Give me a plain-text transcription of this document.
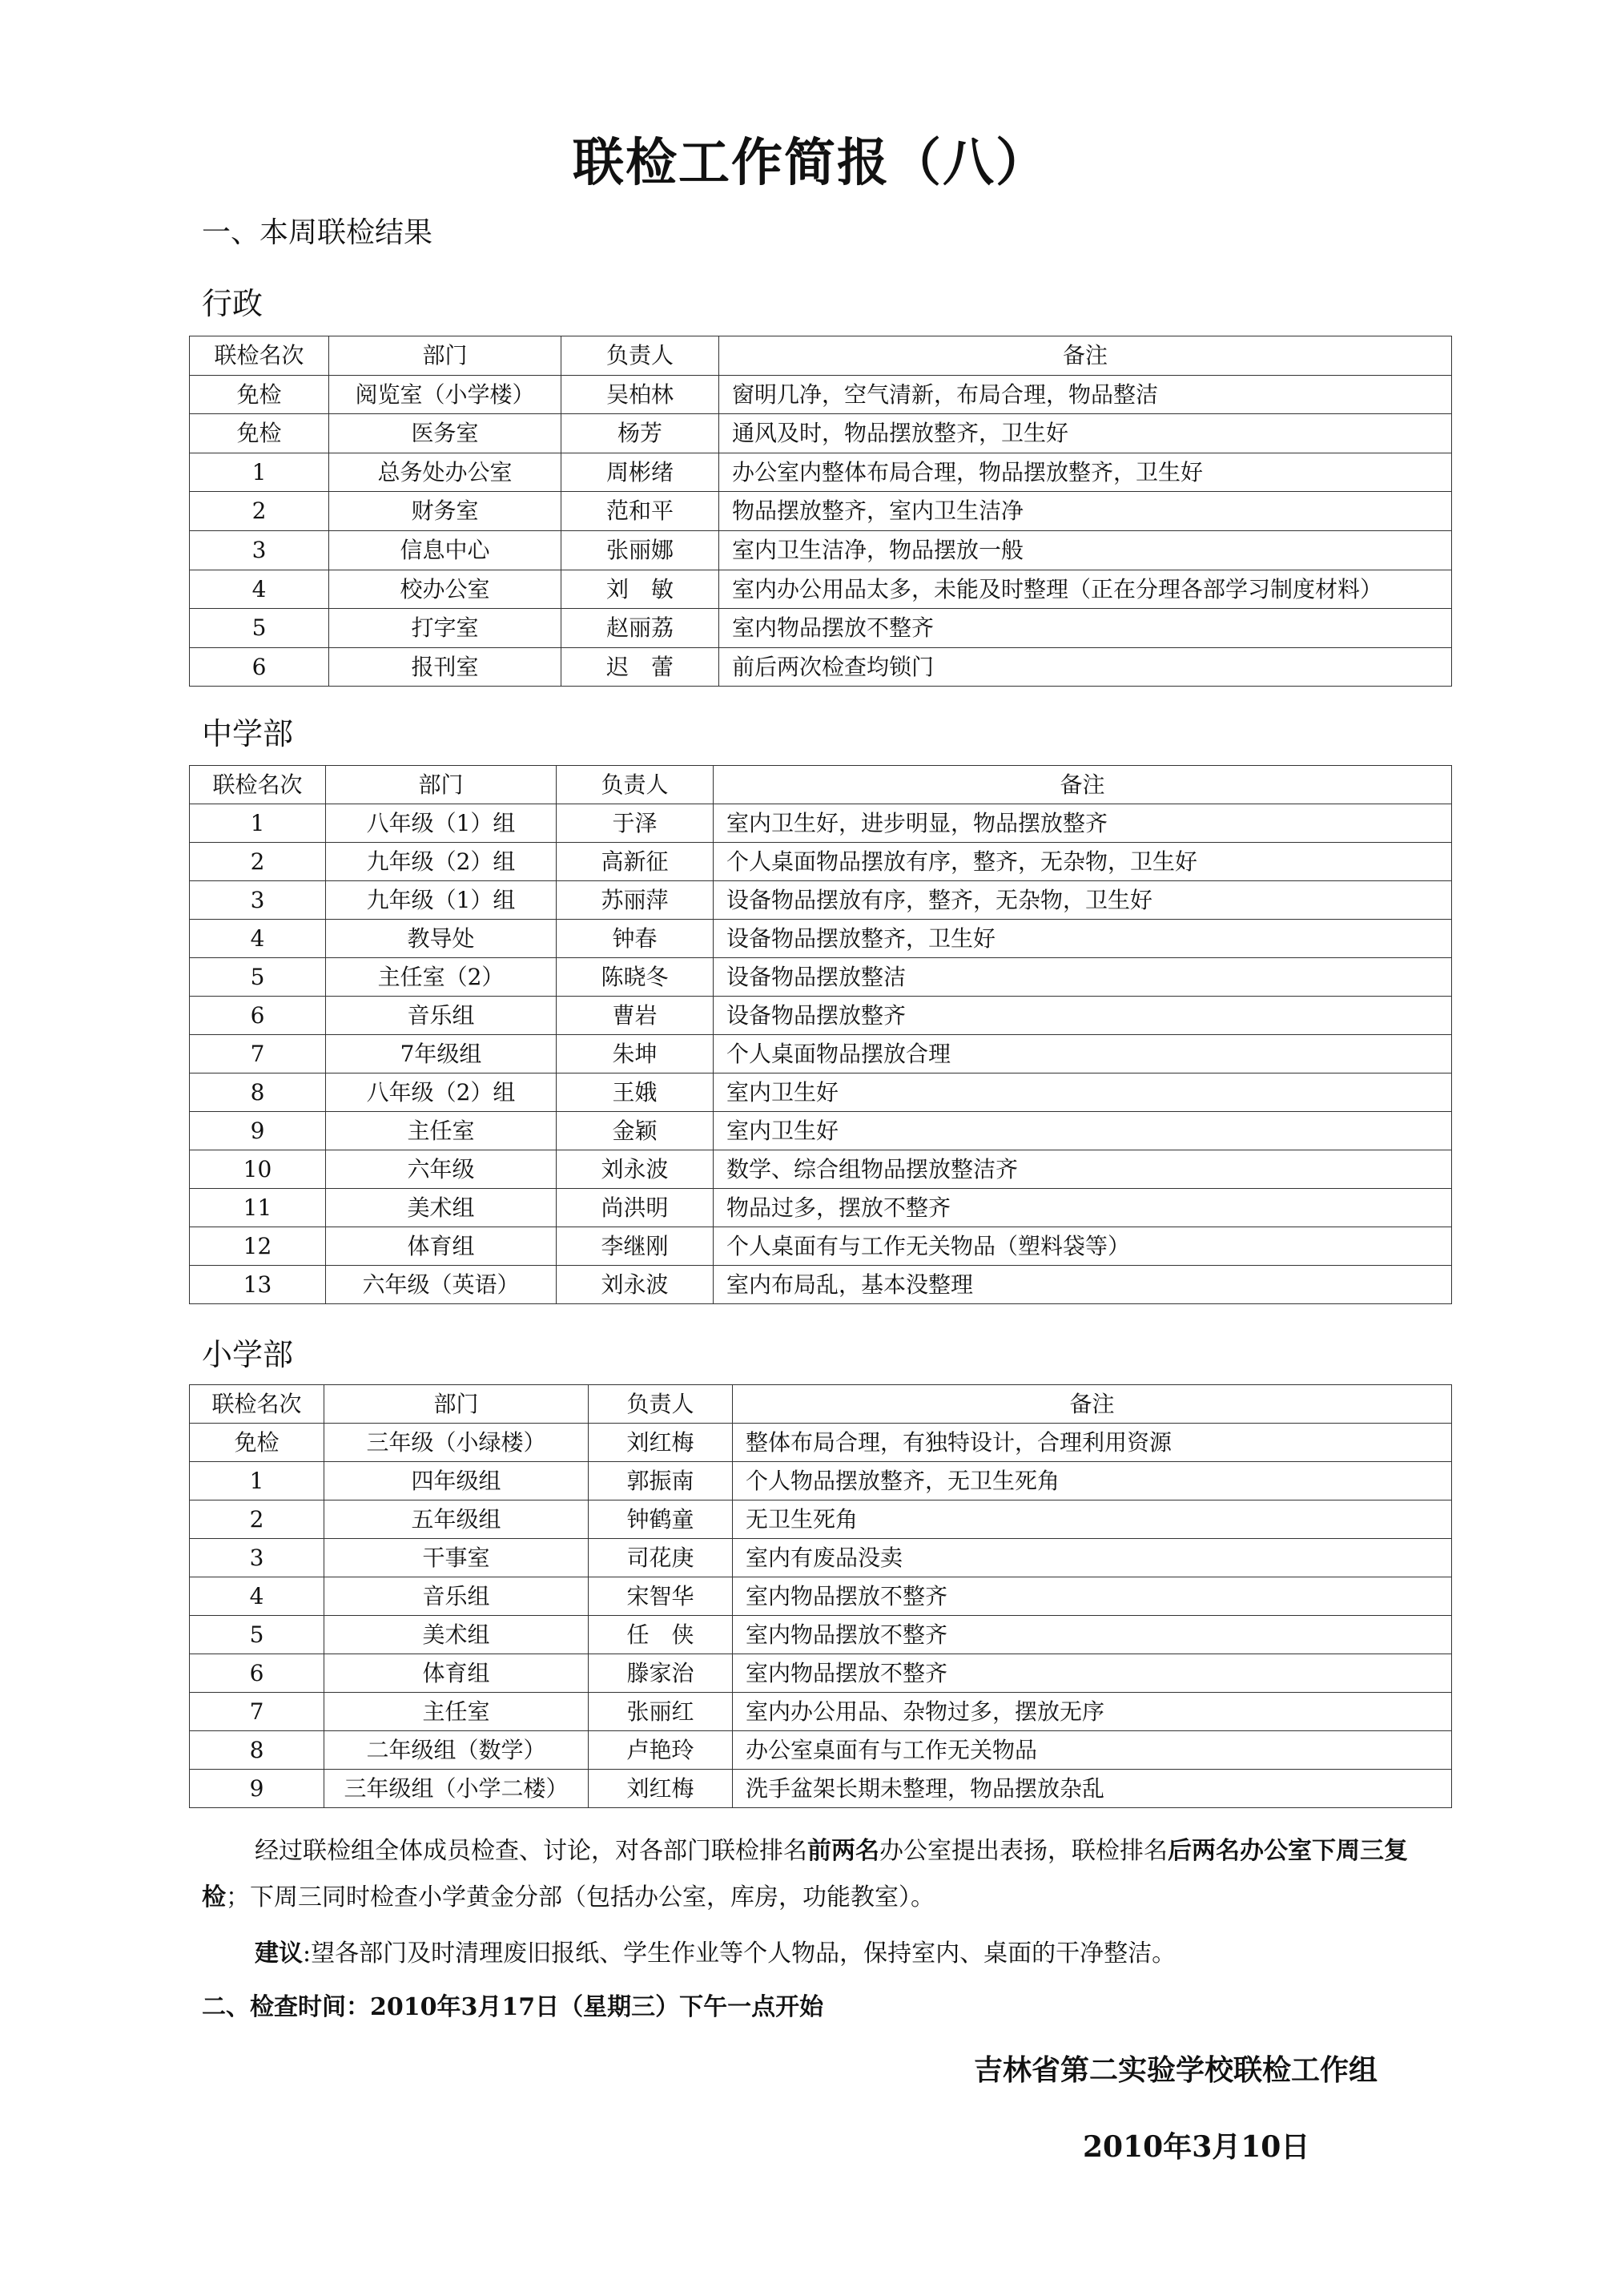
联检工作简报（八）
一、本周联检结果
行政
联检名次	部门	负责人	备注
免检	阅览室（小学楼）	吴柏林	窗明几净，空气清新，布局合理，物品整洁
免检	医务室	杨芳	通风及时，物品摆放整齐，卫生好
1	总务处办公室	周彬绪	办公室内整体布局合理，物品摆放整齐，卫生好
2	财务室	范和平	物品摆放整齐，室内卫生洁净
3	信息中心	张丽娜	室内卫生洁净，物品摆放一般
4	校办公室	刘　敏	室内办公用品太多，未能及时整理（正在分理各部学习制度材料）
5	打字室	赵丽荔	室内物品摆放不整齐
6	报刊室	迟　蕾	前后两次检查均锁门
中学部
联检名次	部门	负责人	备注
1	八年级（1）组	于泽	室内卫生好，进步明显，物品摆放整齐
2	九年级（2）组	高新征	个人桌面物品摆放有序，整齐，无杂物，卫生好
3	九年级（1）组	苏丽萍	设备物品摆放有序，整齐，无杂物，卫生好
4	教导处	钟春	设备物品摆放整齐，卫生好
5	主任室（2）	陈晓冬	设备物品摆放整洁
6	音乐组	曹岩	设备物品摆放整齐
7	7年级组	朱坤	个人桌面物品摆放合理
8	八年级（2）组	王娥	室内卫生好
9	主任室	金颖	室内卫生好
10	六年级	刘永波	数学、综合组物品摆放整洁齐
11	美术组	尚洪明	物品过多，摆放不整齐
12	体育组	李继刚	个人桌面有与工作无关物品（塑料袋等）
13	六年级（英语）	刘永波	室内布局乱，基本没整理
小学部
联检名次	部门	负责人	备注
免检	三年级（小绿楼）	刘红梅	整体布局合理，有独特设计，合理利用资源
1	四年级组	郭振南	个人物品摆放整齐，无卫生死角
2	五年级组	钟鹤童	无卫生死角
3	干事室	司花庚	室内有废品没卖
4	音乐组	宋智华	室内物品摆放不整齐
5	美术组	任　侠	室内物品摆放不整齐
6	体育组	滕家治	室内物品摆放不整齐
7	主任室	张丽红	室内办公用品、杂物过多，摆放无序
8	二年级组（数学）	卢艳玲	办公室桌面有与工作无关物品
9	三年级组（小学二楼）	刘红梅	洗手盆架长期未整理，物品摆放杂乱
经过联检组全体成员检查、讨论，对各部门联检排名前两名办公室提出表扬，联检排名后两名办公室下周三复检；下周三同时检查小学黄金分部（包括办公室，库房，功能教室）。
建议:望各部门及时清理废旧报纸、学生作业等个人物品，保持室内、桌面的干净整洁。
二、检查时间：2010年3月17日（星期三）下午一点开始
吉林省第二实验学校联检工作组
2010年3月10日
